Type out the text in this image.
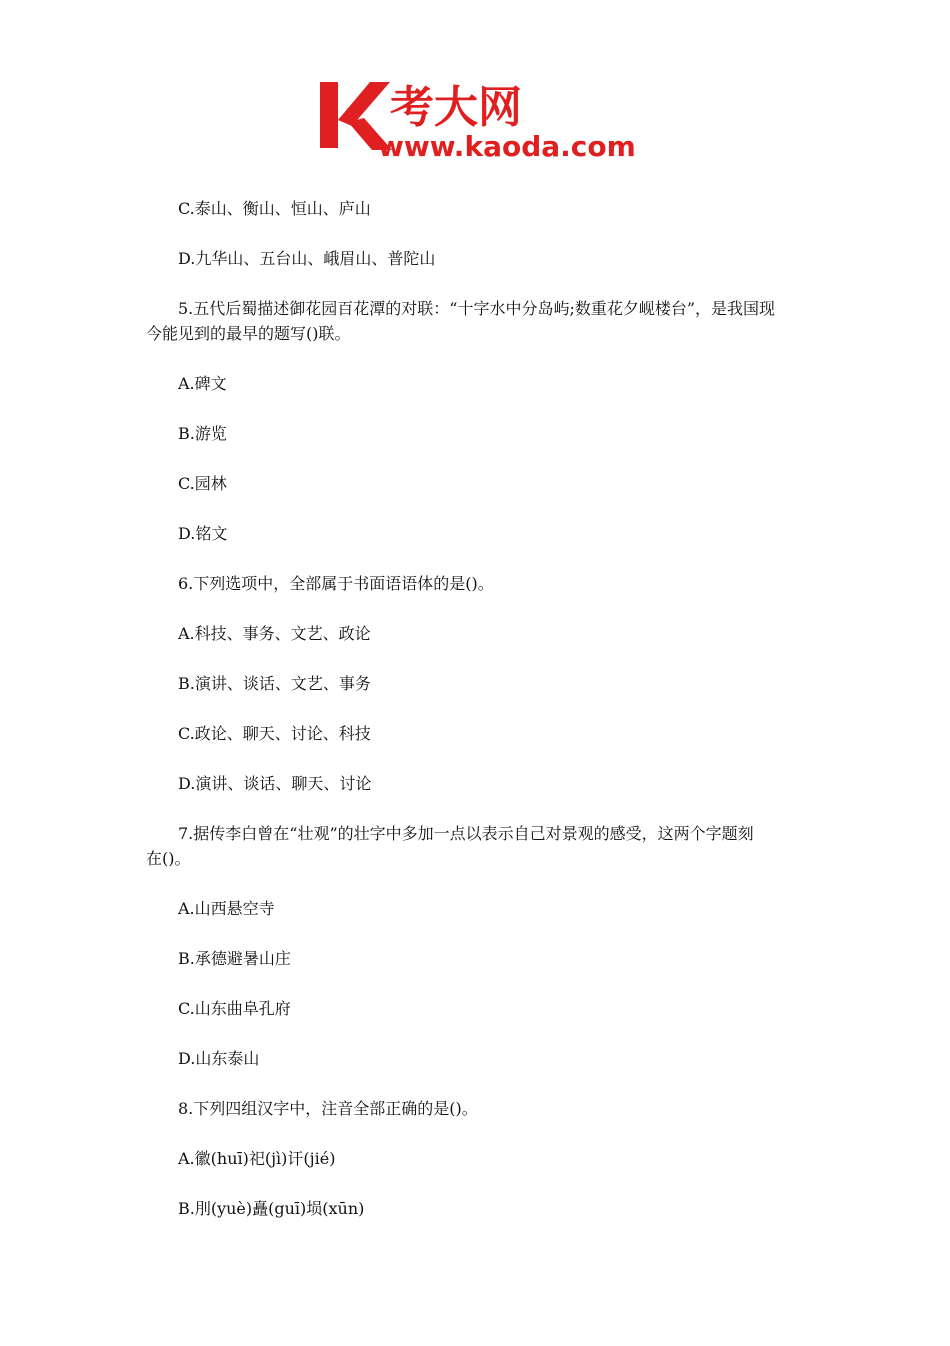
考大网
www.kaoda.com
C.泰山、衡山、恒山、庐山
D.九华山、五台山、峨眉山、普陀山
5.五代后蜀描述御花园百花潭的对联：“十字水中分岛屿;数重花夕岘楼台”，是我国现
今能见到的最早的题写()联。
A.碑文
B.游览
C.园林
D.铭文
6.下列选项中，全部属于书面语语体的是()。
A.科技、事务、文艺、政论
B.演讲、谈话、文艺、事务
C.政论、聊天、讨论、科技
D.演讲、谈话、聊天、讨论
7.据传李白曾在“壮观”的壮字中多加一点以表示自己对景观的感受，这两个字题刻
在()。
A.山西悬空寺
B.承德避暑山庄
C.山东曲阜孔府
D.山东泰山
8.下列四组汉字中，注音全部正确的是()。
A.徽(huī)祀(jì)讦(jié)
B.刖(yuè)矗(guī)埙(xūn)
